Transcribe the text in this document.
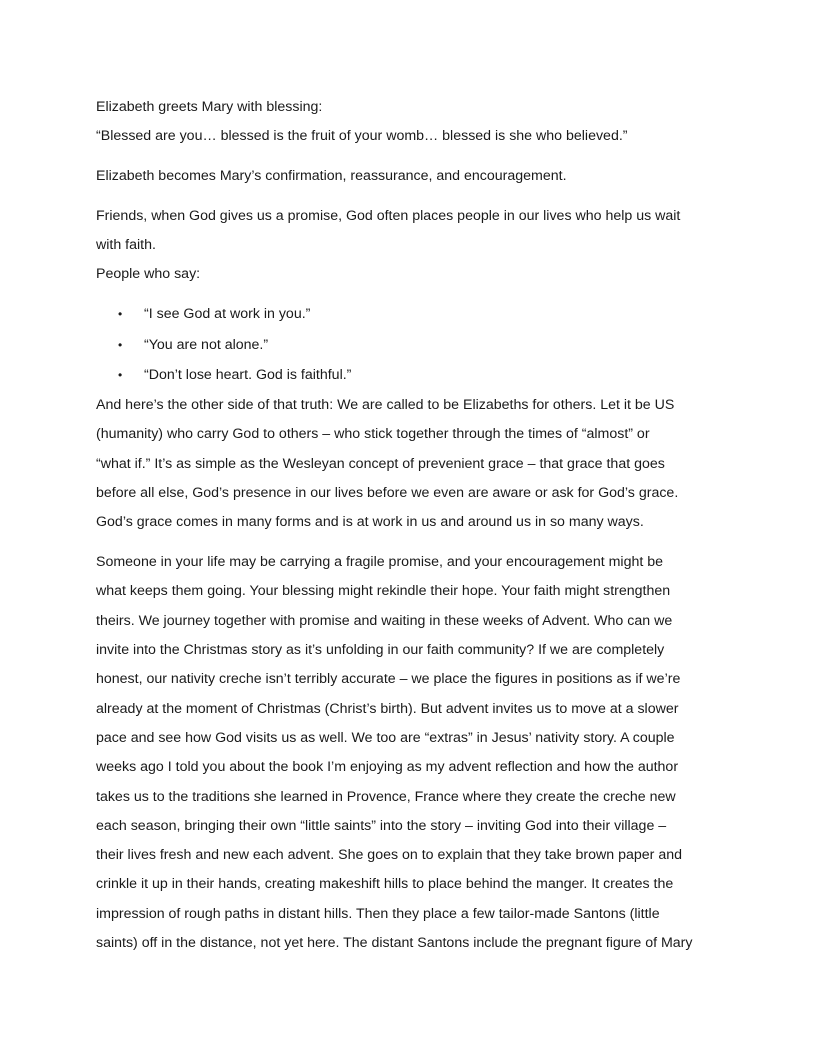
Elizabeth greets Mary with blessing:
“Blessed are you… blessed is the fruit of your womb… blessed is she who believed.”

Elizabeth becomes Mary’s confirmation, reassurance, and encouragement.

Friends, when God gives us a promise, God often places people in our lives who help us wait
with faith.
People who say:

• “I see God at work in you.”
• “You are not alone.”
• “Don’t lose heart. God is faithful.”

And here’s the other side of that truth: We are called to be Elizabeths for others. Let it be US
(humanity) who carry God to others – who stick together through the times of “almost” or
“what if.” It’s as simple as the Wesleyan concept of prevenient grace – that grace that goes
before all else, God’s presence in our lives before we even are aware or ask for God’s grace.
God’s grace comes in many forms and is at work in us and around us in so many ways.

Someone in your life may be carrying a fragile promise, and your encouragement might be
what keeps them going. Your blessing might rekindle their hope. Your faith might strengthen
theirs. We journey together with promise and waiting in these weeks of Advent. Who can we
invite into the Christmas story as it’s unfolding in our faith community? If we are completely
honest, our nativity creche isn’t terribly accurate – we place the figures in positions as if we’re
already at the moment of Christmas (Christ’s birth). But advent invites us to move at a slower
pace and see how God visits us as well. We too are “extras” in Jesus’ nativity story. A couple
weeks ago I told you about the book I’m enjoying as my advent reflection and how the author
takes us to the traditions she learned in Provence, France where they create the creche new
each season, bringing their own “little saints” into the story – inviting God into their village –
their lives fresh and new each advent. She goes on to explain that they take brown paper and
crinkle it up in their hands, creating makeshift hills to place behind the manger. It creates the
impression of rough paths in distant hills. Then they place a few tailor-made Santons (little
saints) off in the distance, not yet here. The distant Santons include the pregnant figure of Mary
